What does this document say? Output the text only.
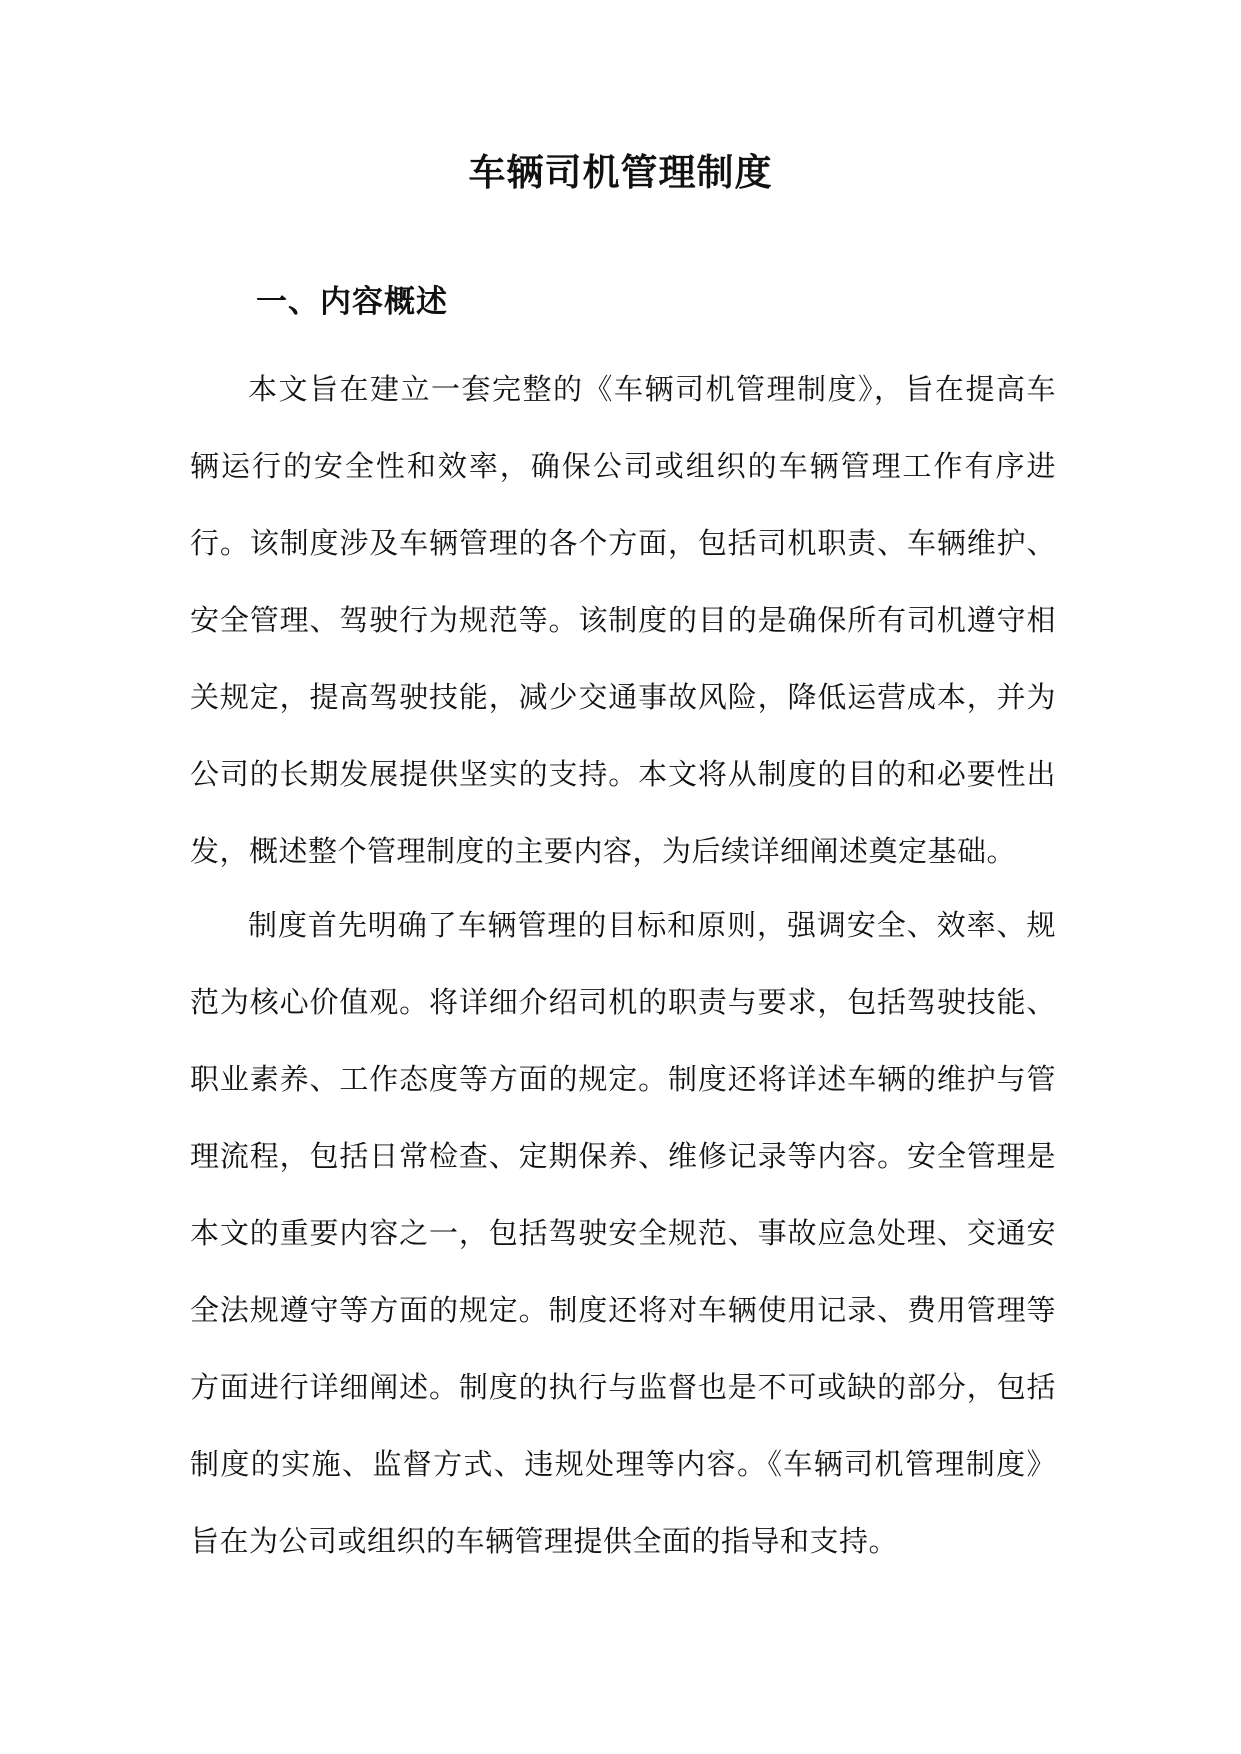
车辆司机管理制度
一、内容概述

本文旨在建立一套完整的《车辆司机管理制度》，旨在提高车辆运行的安全性和效率，确保公司或组织的车辆管理工作有序进行。该制度涉及车辆管理的各个方面，包括司机职责、车辆维护、安全管理、驾驶行为规范等。该制度的目的是确保所有司机遵守相关规定，提高驾驶技能，减少交通事故风险，降低运营成本，并为公司的长期发展提供坚实的支持。本文将从制度的目的和必要性出发，概述整个管理制度的主要内容，为后续详细阐述奠定基础。

制度首先明确了车辆管理的目标和原则，强调安全、效率、规范为核心价值观。将详细介绍司机的职责与要求，包括驾驶技能、职业素养、工作态度等方面的规定。制度还将详述车辆的维护与管理流程，包括日常检查、定期保养、维修记录等内容。安全管理是本文的重要内容之一，包括驾驶安全规范、事故应急处理、交通安全法规遵守等方面的规定。制度还将对车辆使用记录、费用管理等方面进行详细阐述。制度的执行与监督也是不可或缺的部分，包括制度的实施、监督方式、违规处理等内容。《车辆司机管理制度》旨在为公司或组织的车辆管理提供全面的指导和支持。
